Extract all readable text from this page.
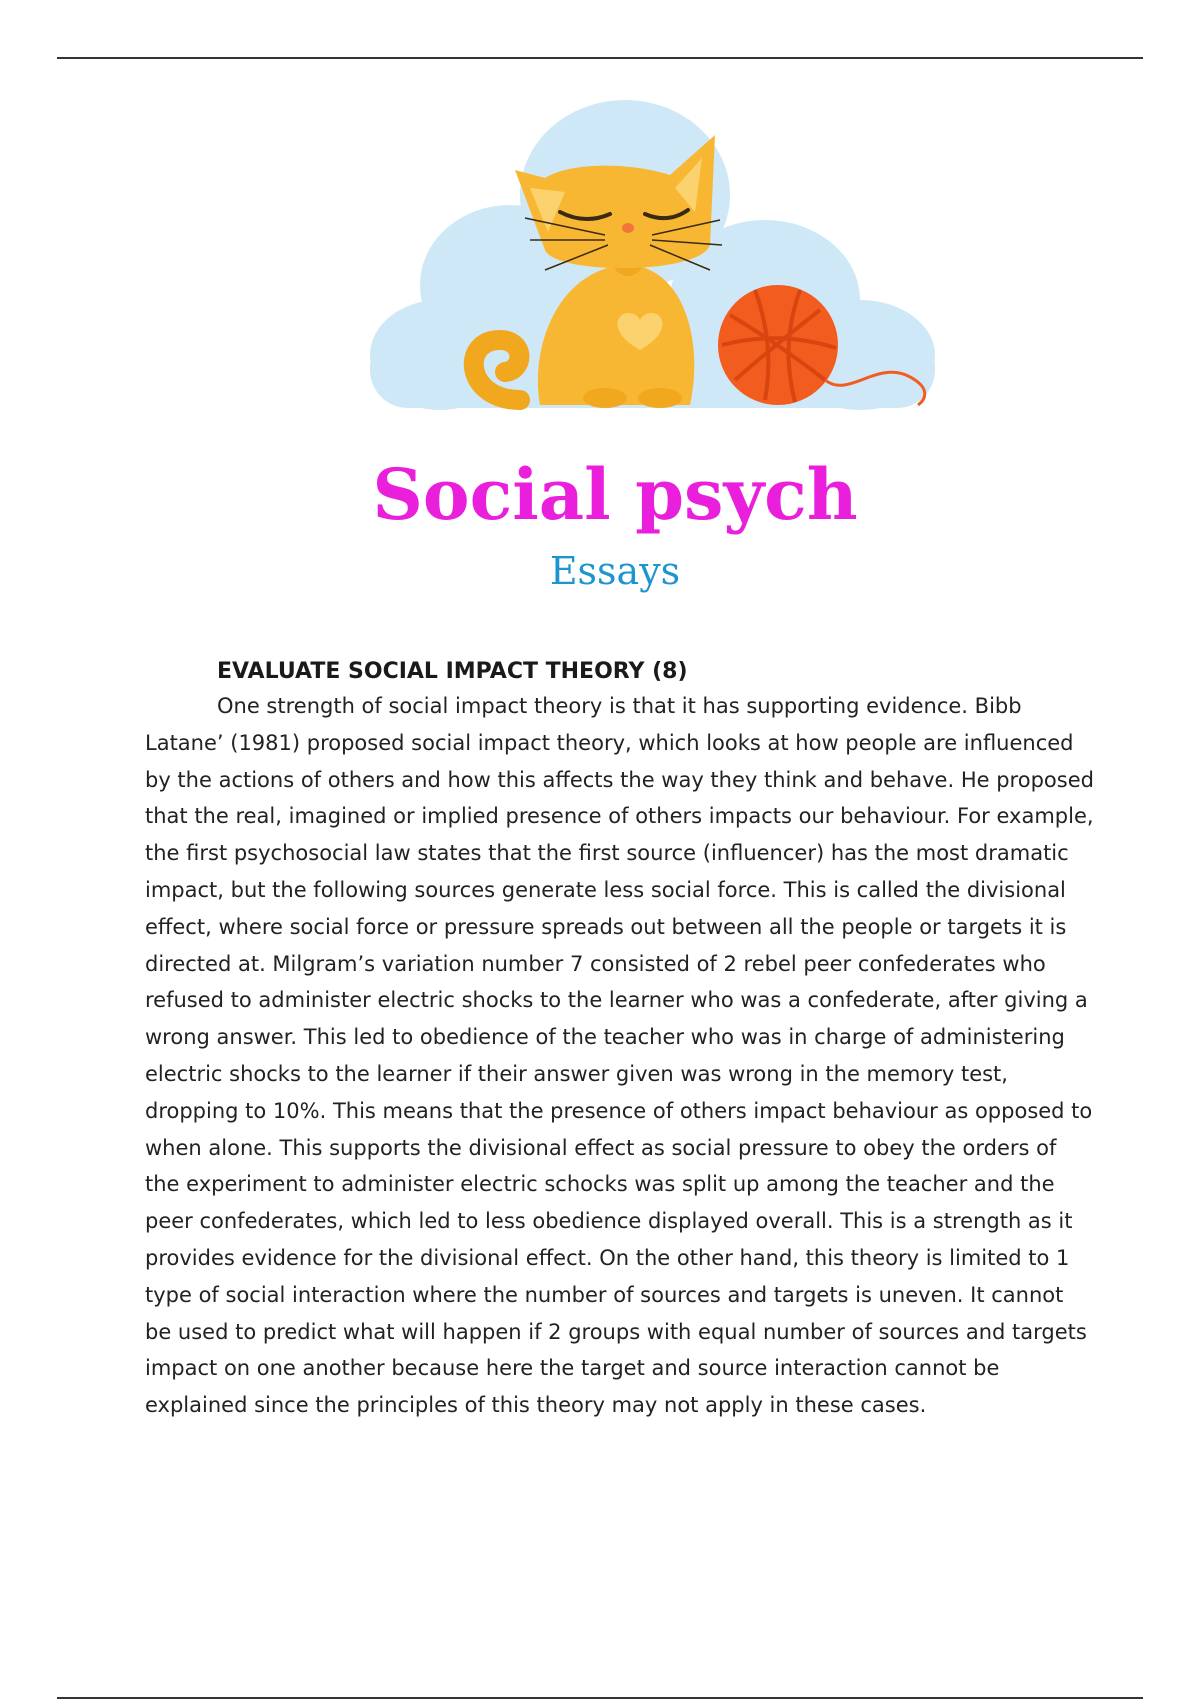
Social psych
Essays
EVALUATE SOCIAL IMPACT THEORY (8)

One strength of social impact theory is that it has supporting evidence. Bibb Latane’ (1981) proposed social impact theory, which looks at how people are influenced by the actions of others and how this affects the way they think and behave. He proposed that the real, imagined or implied presence of others impacts our behaviour. For example, the first psychosocial law states that the first source (influencer) has the most dramatic impact, but the following sources generate less social force. This is called the divisional effect, where social force or pressure spreads out between all the people or targets it is directed at. Milgram’s variation number 7 consisted of 2 rebel peer confederates who refused to administer electric shocks to the learner who was a confederate, after giving a wrong answer. This led to obedience of the teacher who was in charge of administering electric shocks to the learner if their answer given was wrong in the memory test, dropping to 10%. This means that the presence of others impact behaviour as opposed to when alone. This supports the divisional effect as social pressure to obey the orders of the experiment to administer electric schocks was split up among the teacher and the peer confederates, which led to less obedience displayed overall. This is a strength as it provides evidence for the divisional effect. On the other hand, this theory is limited to 1 type of social interaction where the number of sources and targets is uneven. It cannot be used to predict what will happen if 2 groups with equal number of sources and targets impact on one another because here the target and source interaction cannot be explained since the principles of this theory may not apply in these cases.
